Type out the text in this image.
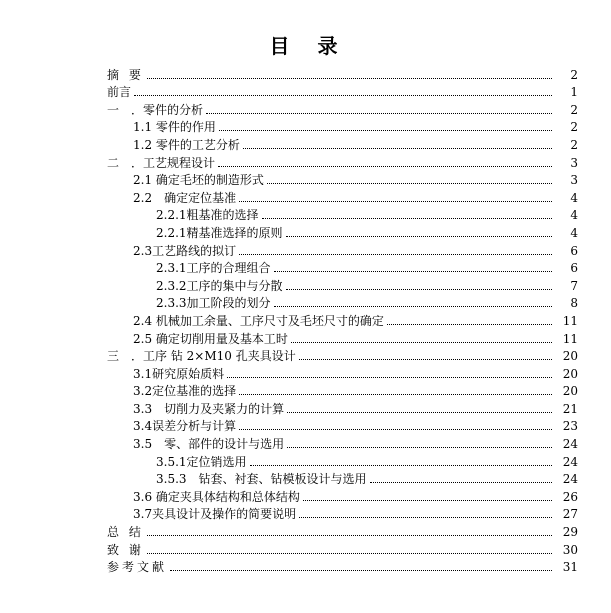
目　录
摘 要	2
前言	1
一　．零件的分析	2
1.1 零件的作用	2
1.2 零件的工艺分析	2
二　．工艺规程设计	3
2.1 确定毛坯的制造形式	3
2.2　确定定位基准	4
2.2.1粗基准的选择	4
2.2.1精基准选择的原则	4
2.3工艺路线的拟订	6
2.3.1工序的合理组合	6
2.3.2工序的集中与分散	7
2.3.3加工阶段的划分	8
2.4 机械加工余量、工序尺寸及毛坯尺寸的确定	11
2.5 确定切削用量及基本工时	11
三　．工序 钻 2×M10 孔夹具设计	20
3.1研究原始质料	20
3.2定位基准的选择	20
3.3　切削力及夹紧力的计算	21
3.4误差分析与计算	23
3.5　零、部件的设计与选用	24
3.5.1定位销选用	24
3.5.3　钻套、衬套、钻模板设计与选用	24
3.6 确定夹具体结构和总体结构	26
3.7夹具设计及操作的简要说明	27
总 结	29
致 谢	30
参考文献	31
